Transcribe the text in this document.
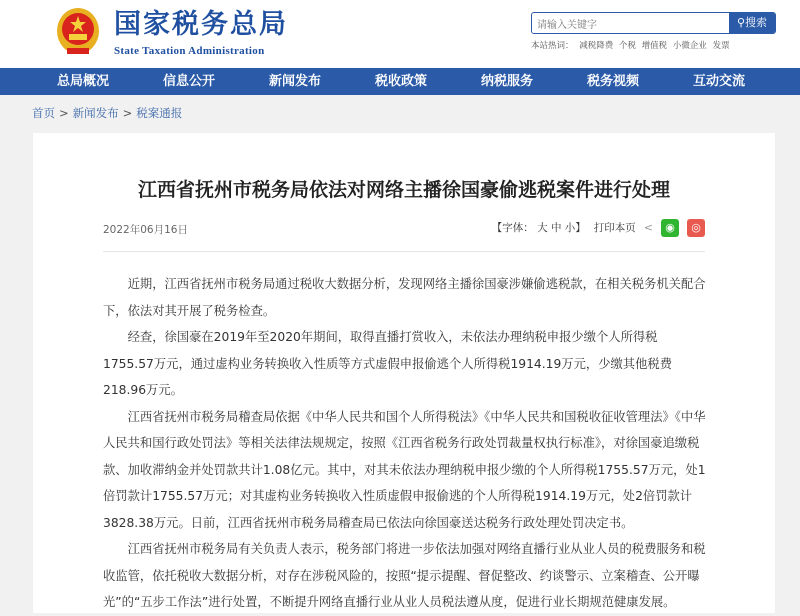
国家税务总局
State Taxation Administration
请输入关键字
⚲搜索
本站热词： 减税降费 个税 增值税 小微企业 发票
总局概况	信息公开	新闻发布	税收政策	纳税服务	税务视频	互动交流
首页 > 新闻发布 > 税案通报
江西省抚州市税务局依法对网络主播徐国豪偷逃税案件进行处理
2022年06月16日	【字体： 大 中 小】 打印本页 <	◉	◎

近期，江西省抚州市税务局通过税收大数据分析，发现网络主播徐国豪涉嫌偷逃税款，在相关税务机关配合下，依法对其开展了税务检查。

经查，徐国豪在2019年至2020年期间，取得直播打赏收入，未依法办理纳税申报少缴个人所得税1755.57万元，通过虚构业务转换收入性质等方式虚假申报偷逃个人所得税1914.19万元，少缴其他税费218.96万元。

江西省抚州市税务局稽查局依据《中华人民共和国个人所得税法》《中华人民共和国税收征收管理法》《中华人民共和国行政处罚法》等相关法律法规规定，按照《江西省税务行政处罚裁量权执行标准》，对徐国豪追缴税款、加收滞纳金并处罚款共计1.08亿元。其中，对其未依法办理纳税申报少缴的个人所得税1755.57万元，处1倍罚款计1755.57万元；对其虚构业务转换收入性质虚假申报偷逃的个人所得税1914.19万元，处2倍罚款计3828.38万元。日前，江西省抚州市税务局稽查局已依法向徐国豪送达税务行政处理处罚决定书。

江西省抚州市税务局有关负责人表示，税务部门将进一步依法加强对网络直播行业从业人员的税费服务和税收监管，依托税收大数据分析，对存在涉税风险的，按照“提示提醒、督促整改、约谈警示、立案稽查、公开曝光”的“五步工作法”进行处置，不断提升网络直播行业从业人员税法遵从度，促进行业长期规范健康发展。
